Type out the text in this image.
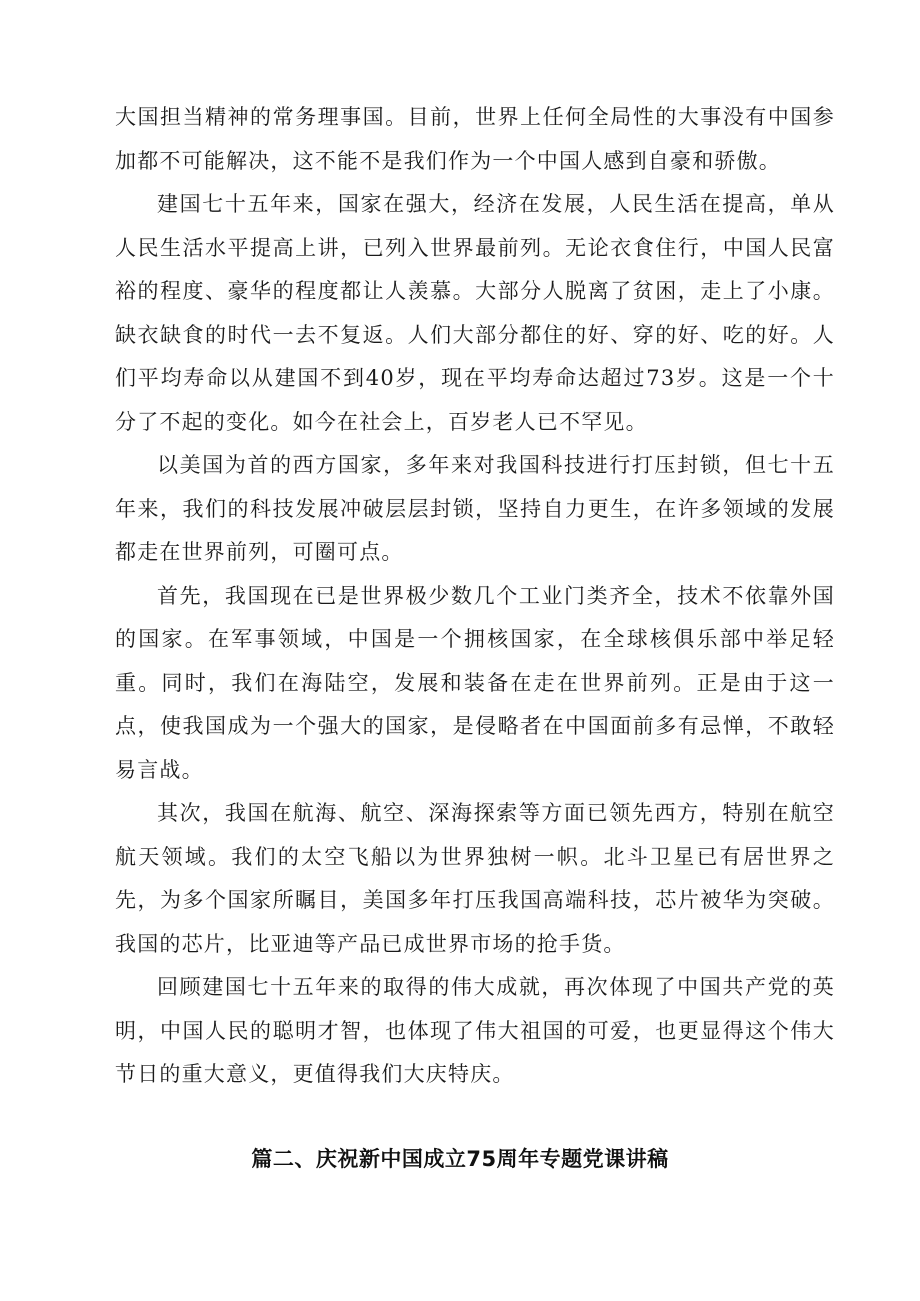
大国担当精神的常务理事国。目前，世界上任何全局性的大事没有中国参加都不可能解决，这不能不是我们作为一个中国人感到自豪和骄傲。

建国七十五年来，国家在强大，经济在发展，人民生活在提高，单从人民生活水平提高上讲，已列入世界最前列。无论衣食住行，中国人民富裕的程度、豪华的程度都让人羡慕。大部分人脱离了贫困，走上了小康。缺衣缺食的时代一去不复返。人们大部分都住的好、穿的好、吃的好。人们平均寿命以从建国不到40岁，现在平均寿命达超过73岁。这是一个十分了不起的变化。如今在社会上，百岁老人已不罕见。

以美国为首的西方国家，多年来对我国科技进行打压封锁，但七十五年来，我们的科技发展冲破层层封锁，坚持自力更生，在许多领域的发展都走在世界前列，可圈可点。

首先，我国现在已是世界极少数几个工业门类齐全，技术不依靠外国的国家。在军事领域，中国是一个拥核国家，在全球核俱乐部中举足轻重。同时，我们在海陆空，发展和装备在走在世界前列。正是由于这一点，使我国成为一个强大的国家，是侵略者在中国面前多有忌惮，不敢轻易言战。

其次，我国在航海、航空、深海探索等方面已领先西方，特别在航空航天领域。我们的太空飞船以为世界独树一帜。北斗卫星已有居世界之先，为多个国家所瞩目，美国多年打压我国高端科技，芯片被华为突破。我国的芯片，比亚迪等产品已成世界市场的抢手货。

回顾建国七十五年来的取得的伟大成就，再次体现了中国共产党的英明，中国人民的聪明才智，也体现了伟大祖国的可爱，也更显得这个伟大节日的重大意义，更值得我们大庆特庆。

篇二、庆祝新中国成立75周年专题党课讲稿
